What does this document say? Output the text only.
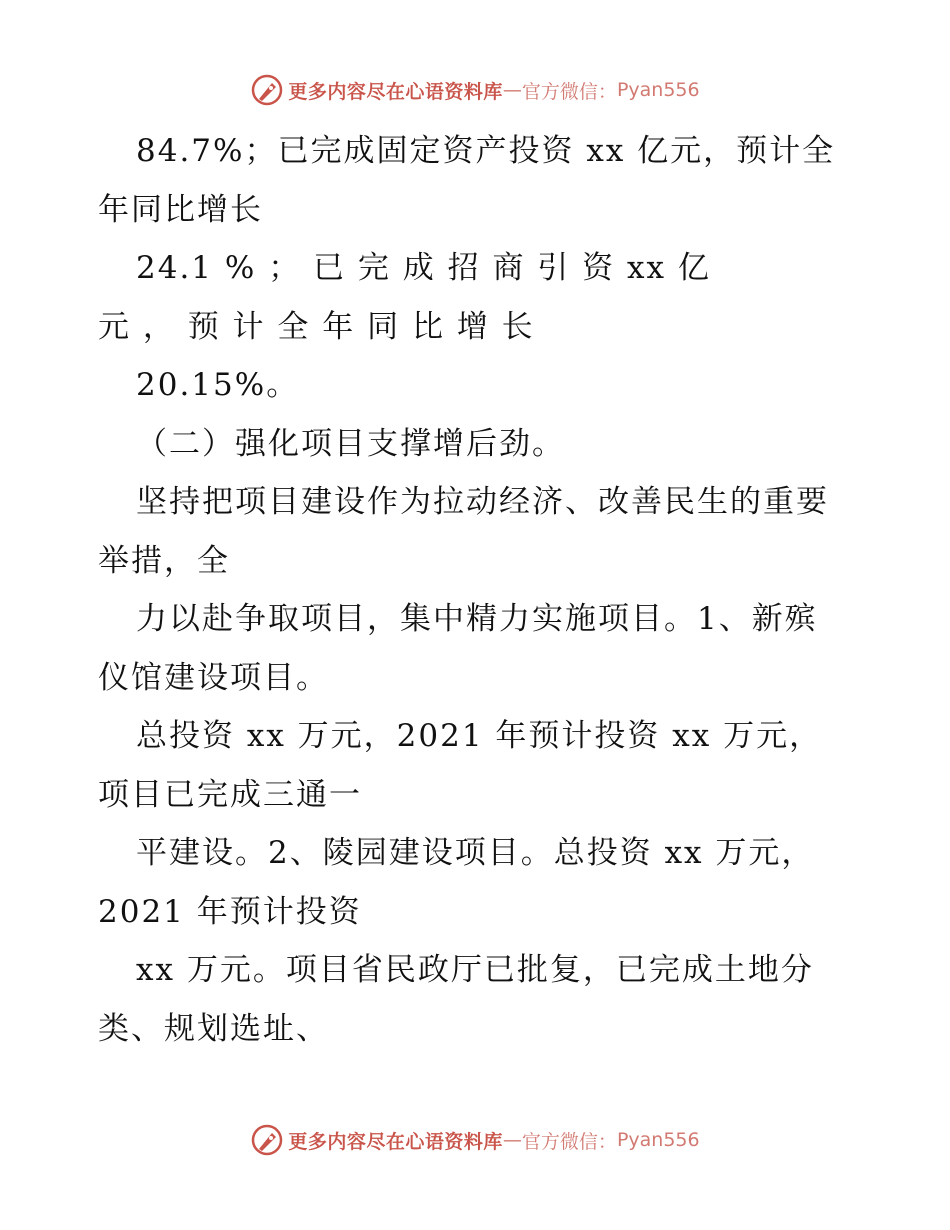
更多内容尽在心语资料库 — 官方微信： Pyan556
84.7%；已完成固定资产投资 xx 亿元，预计全
年同比增长
24.1 % ； 已 完 成 招 商 引 资 xx 亿
元 ， 预 计 全 年 同 比 增 长
20.15%。
（二）强化项目支撑增后劲。
坚持把项目建设作为拉动经济、改善民生的重要
举措，全
力以赴争取项目，集中精力实施项目。1、新殡
仪馆建设项目。
总投资 xx 万元，2021 年预计投资 xx 万元，
项目已完成三通一
平建设。2、陵园建设项目。总投资 xx 万元，
2021 年预计投资
xx 万元。项目省民政厅已批复，已完成土地分
类、规划选址、
更多内容尽在心语资料库 — 官方微信： Pyan556
